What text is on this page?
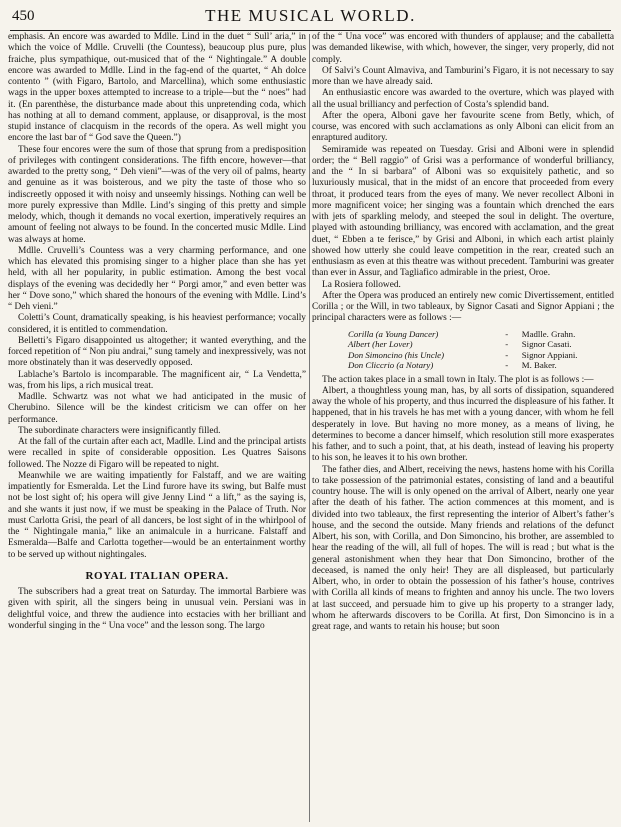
450	THE MUSICAL WORLD.

emphasis. An encore was awarded to Mdlle. Lind in the duet “ Sull’ aria,” in which the voice of Mdlle. Cruvelli (the Countess), beaucoup plus pure, plus fraiche, plus sympathique, out-musiced that of the “ Nightingale.” A double encore was awarded to Mdlle. Lind in the fag-end of the quartet, “ Ah dolce contento ” (with Figaro, Bartolo, and Marcellina), which some enthusiastic wags in the upper boxes attempted to increase to a triple—but the “ noes” had it. (En parenthèse, the disturbance made about this unpretending coda, which has nothing at all to demand comment, applause, or disapproval, is the most stupid instance of clacquism in the records of the opera. As well might you encore the last bar of “ God save the Queen.”)

These four encores were the sum of those that sprung from a predisposition of privileges with contingent considerations. The fifth encore, however—that awarded to the pretty song, “ Deh vieni”—was of the very oil of palms, hearty and genuine as it was boisterous, and we pity the taste of those who so indiscreetly opposed it with noisy and unseemly hissings. Nothing can well be more purely expressive than Mdlle. Lind’s singing of this pretty and simple melody, which, though it demands no vocal exertion, imperatively requires an amount of feeling not always to be found. In the concerted music Mdlle. Lind was always at home.

Mdlle. Cruvelli’s Countess was a very charming performance, and one which has elevated this promising singer to a higher place than she has yet held, with all her popularity, in public estimation. Among the best vocal displays of the evening was decidedly her “ Porgi amor,” and even better was her “ Dove sono,” which shared the honours of the evening with Mdlle. Lind’s “ Deh vieni.”

Coletti’s Count, dramatically speaking, is his heaviest performance; vocally considered, it is entitled to commendation.

Belletti’s Figaro disappointed us altogether; it wanted everything, and the forced repetition of “ Non piu andrai,” sung tamely and inexpressively, was not more obstinately than it was deservedly opposed.

Lablache’s Bartolo is incomparable. The magnificent air, “ La Vendetta,” was, from his lips, a rich musical treat.

Madlle. Schwartz was not what we had anticipated in the music of Cherubino. Silence will be the kindest criticism we can offer on her performance.

The subordinate characters were insignificantly filled.

At the fall of the curtain after each act, Madlle. Lind and the principal artists were recalled in spite of considerable opposition. Les Quatres Saisons followed. The Nozze di Figaro will be repeated to night.

Meanwhile we are waiting impatiently for Falstaff, and we are waiting impatiently for Esmeralda. Let the Lind furore have its swing, but Balfe must not be lost sight of; his opera will give Jenny Lind “ a lift,” as the saying is, and she wants it just now, if we must be speaking in the Palace of Truth. Nor must Carlotta Grisi, the pearl of all dancers, be lost sight of in the whirlpool of the “ Nightingale mania,” like an animalcule in a hurricane. Falstaff and Esmeralda—Balfe and Carlotta together—would be an entertainment worthy to be served up without nightingales.

ROYAL ITALIAN OPERA.

The subscribers had a great treat on Saturday. The immortal Barbiere was given with spirit, all the singers being in unusual vein. Persiani was in delightful voice, and threw the audience into ecstacies with her brilliant and wonderful singing in the “ Una voce” and the lesson song. The largo

of the “ Una voce” was encored with thunders of applause; and the caballetta was demanded likewise, with which, however, the singer, very properly, did not comply.

Of Salvi’s Count Almaviva, and Tamburini’s Figaro, it is not necessary to say more than we have already said.

An enthusiastic encore was awarded to the overture, which was played with all the usual brilliancy and perfection of Costa’s splendid band.

After the opera, Alboni gave her favourite scene from Betly, which, of course, was encored with such acclamations as only Alboni can elicit from an enraptured auditory.

Semiramide was repeated on Tuesday. Grisi and Alboni were in splendid order; the “ Bell raggio” of Grisi was a performance of wonderful brilliancy, and the “ In si barbara” of Alboni was so exquisitely pathetic, and so luxuriously musical, that in the midst of an encore that proceeded from every throat, it produced tears from the eyes of many. We never recollect Alboni in more magnificent voice; her singing was a fountain which drenched the ears with jets of sparkling melody, and steeped the soul in delight. The overture, played with astounding brilliancy, was encored with acclamation, and the great duet, “ Ebben a te ferisce,” by Grisi and Alboni, in which each artist plainly showed how utterly she could leave competition in the rear, created such an enthusiasm as even at this theatre was without precedent. Tamburini was greater than ever in Assur, and Tagliafico admirable in the priest, Oroe.

La Rosiera followed.

After the Opera was produced an entirely new comic Divertissement, entitled Corilla ; or the Will, in two tableaux, by Signor Casati and Signor Appiani ; the principal characters were as follows :—

Corilla (a Young Dancer)	-	Madlle. Grahn.
Albert (her Lover)	-	Signor Casati.
Don Simoncino (his Uncle)	-	Signor Appiani.
Don Cliccrio (a Notary)	-	M. Baker.

The action takes place in a small town in Italy. The plot is as follows :—

Albert, a thoughtless young man, has, by all sorts of dissipation, squandered away the whole of his property, and thus incurred the displeasure of his father. It happened, that in his travels he has met with a young dancer, with whom he fell desperately in love. But having no more money, as a means of living, he determines to become a dancer himself, which resolution still more exasperates his father, and to such a point, that, at his death, instead of leaving his property to his son, he leaves it to his own brother.

The father dies, and Albert, receiving the news, hastens home with his Corilla to take possession of the patrimonial estates, consisting of land and a beautiful country house. The will is only opened on the arrival of Albert, nearly one year after the death of his father. The action commences at this moment, and is divided into two tableaux, the first representing the interior of Albert’s father’s house, and the second the outside. Many friends and relations of the defunct Albert, his son, with Corilla, and Don Simoncino, his brother, are assembled to hear the reading of the will, all full of hopes. The will is read ; but what is the general astonishment when they hear that Don Simoncino, brother of the deceased, is named the only heir! They are all displeased, but particularly Albert, who, in order to obtain the possession of his father’s house, contrives with Corilla all kinds of means to frighten and annoy his uncle. The two lovers at last succeed, and persuade him to give up his property to a stranger lady, whom he afterwards discovers to be Corilla. At first, Don Simoncino is in a great rage, and wants to retain his house; but soon
